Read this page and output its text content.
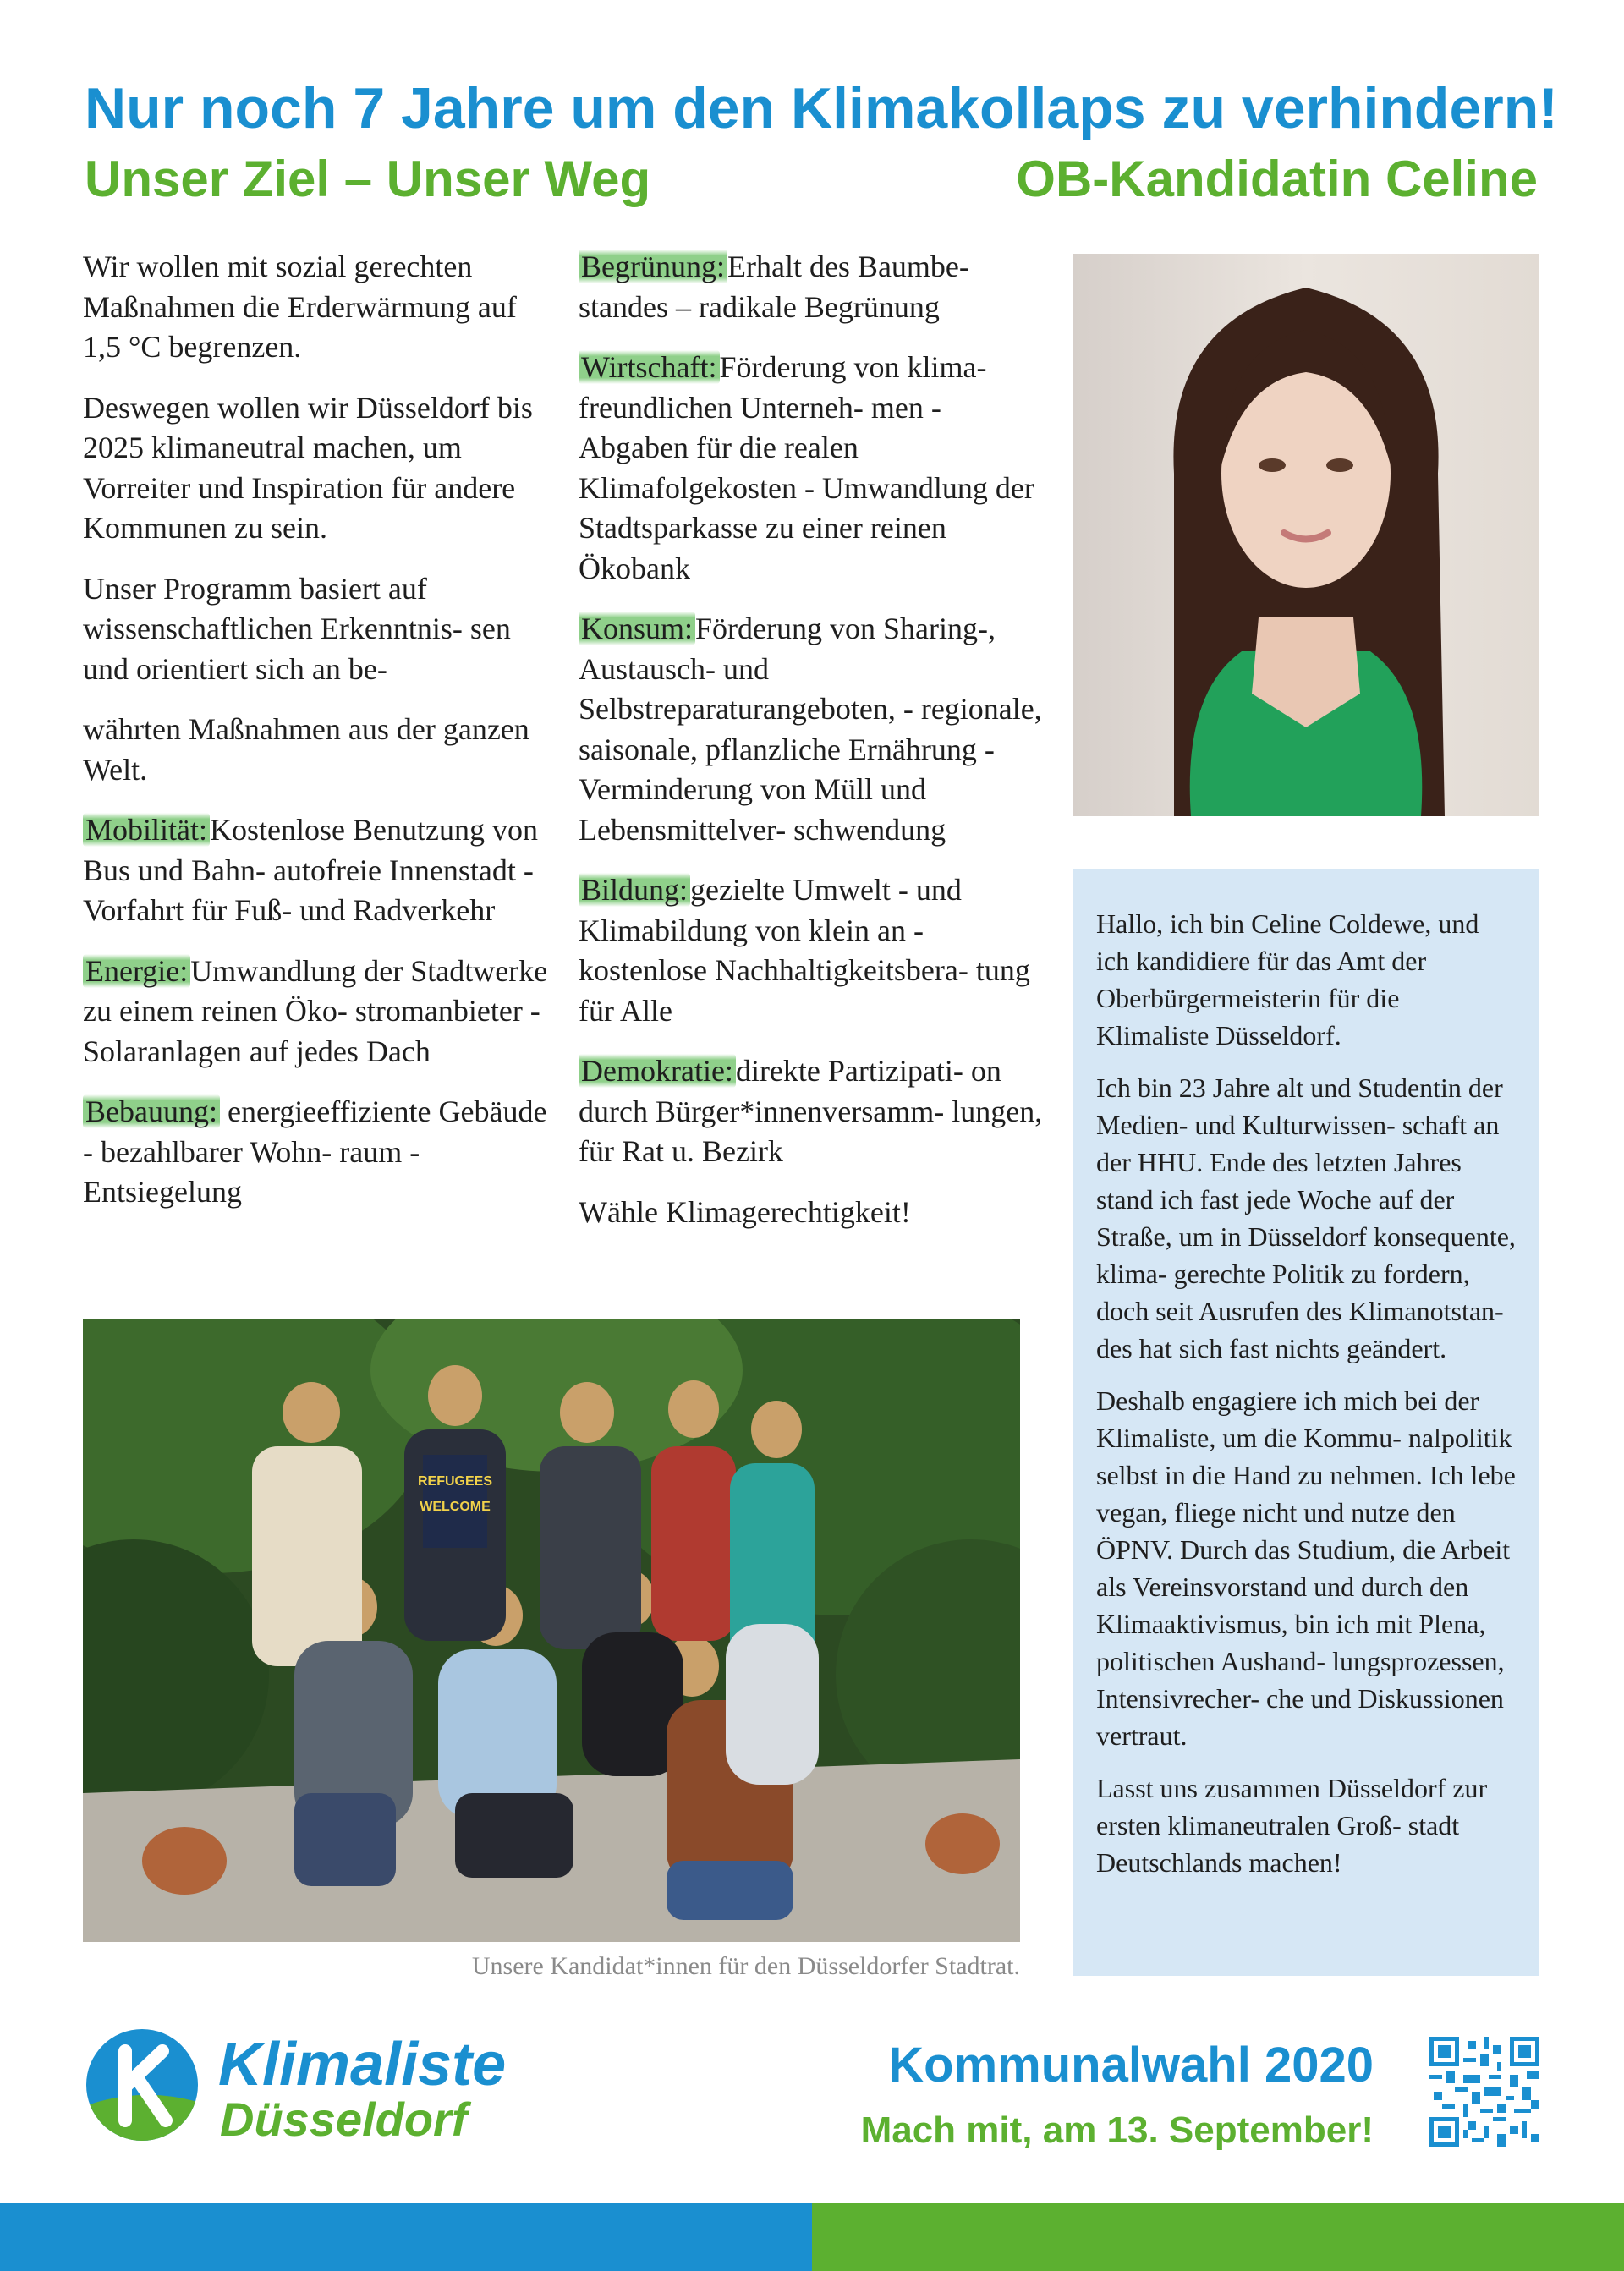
Nur noch 7 Jahre um den Klimakollaps zu verhindern!
Unser Ziel – Unser Weg	OB-Kandidatin Celine

Wir wollen mit sozial gerechten Maßnahmen die Erderwärmung auf 1,5 °C begrenzen.

Deswegen wollen wir Düsseldorf bis 2025 klimaneutral machen, um Vorreiter und Inspiration für andere Kommunen zu sein.

Unser Programm basiert auf wissenschaftlichen Erkenntnis- sen und orientiert sich an be-

währten Maßnahmen aus der ganzen Welt.

Mobilität:Kostenlose Benutzung von Bus und Bahn- autofreie Innenstadt - Vorfahrt für Fuß- und Radverkehr

Energie:Umwandlung der Stadtwerke zu einem reinen Öko- stromanbieter - Solaranlagen auf jedes Dach

Bebauung: energieeffiziente Gebäude - bezahlbarer Wohn- raum - Entsiegelung

Begrünung:Erhalt des Baumbe- standes – radikale Begrünung

Wirtschaft:Förderung von klima- freundlichen Unterneh- men - Abgaben für die realen Klimafolgekosten - Umwandlung der Stadtsparkasse zu einer reinen Ökobank

Konsum:Förderung von Sharing-, Austausch- und Selbstreparaturangeboten, - regionale, saisonale, pflanzliche Ernährung - Verminderung von Müll und Lebensmittelver- schwendung

Bildung:gezielte Umwelt - und Klimabildung von klein an - kostenlose Nachhaltigkeitsbera- tung für Alle

Demokratie:direkte Partizipati- on durch Bürger*innenversamm- lungen, für Rat u. Bezirk

Wähle Klimagerechtigkeit!

Hallo, ich bin Celine Coldewe, und ich kandidiere für das Amt der Oberbürgermeisterin für die Klimaliste Düsseldorf.

Ich bin 23 Jahre alt und Studentin der Medien- und Kulturwissen- schaft an der HHU. Ende des letzten Jahres stand ich fast jede Woche auf der Straße, um in Düsseldorf konsequente, klima- gerechte Politik zu fordern, doch seit Ausrufen des Klimanotstan- des hat sich fast nichts geändert.

Deshalb engagiere ich mich bei der Klimaliste, um die Kommu- nalpolitik selbst in die Hand zu nehmen. Ich lebe vegan, fliege nicht und nutze den ÖPNV. Durch das Studium, die Arbeit als Vereinsvorstand und durch den Klimaaktivismus, bin ich mit Plena, politischen Aushand- lungsprozessen, Intensivrecher- che und Diskussionen vertraut.

Lasst uns zusammen Düsseldorf zur ersten klimaneutralen Groß- stadt Deutschlands machen!

REFUGEES
WELCOME
Unsere Kandidat*innen für den Düsseldorfer Stadtrat.
Klimaliste
Düsseldorf
Kommunalwahl 2020
Mach mit, am 13. September!
